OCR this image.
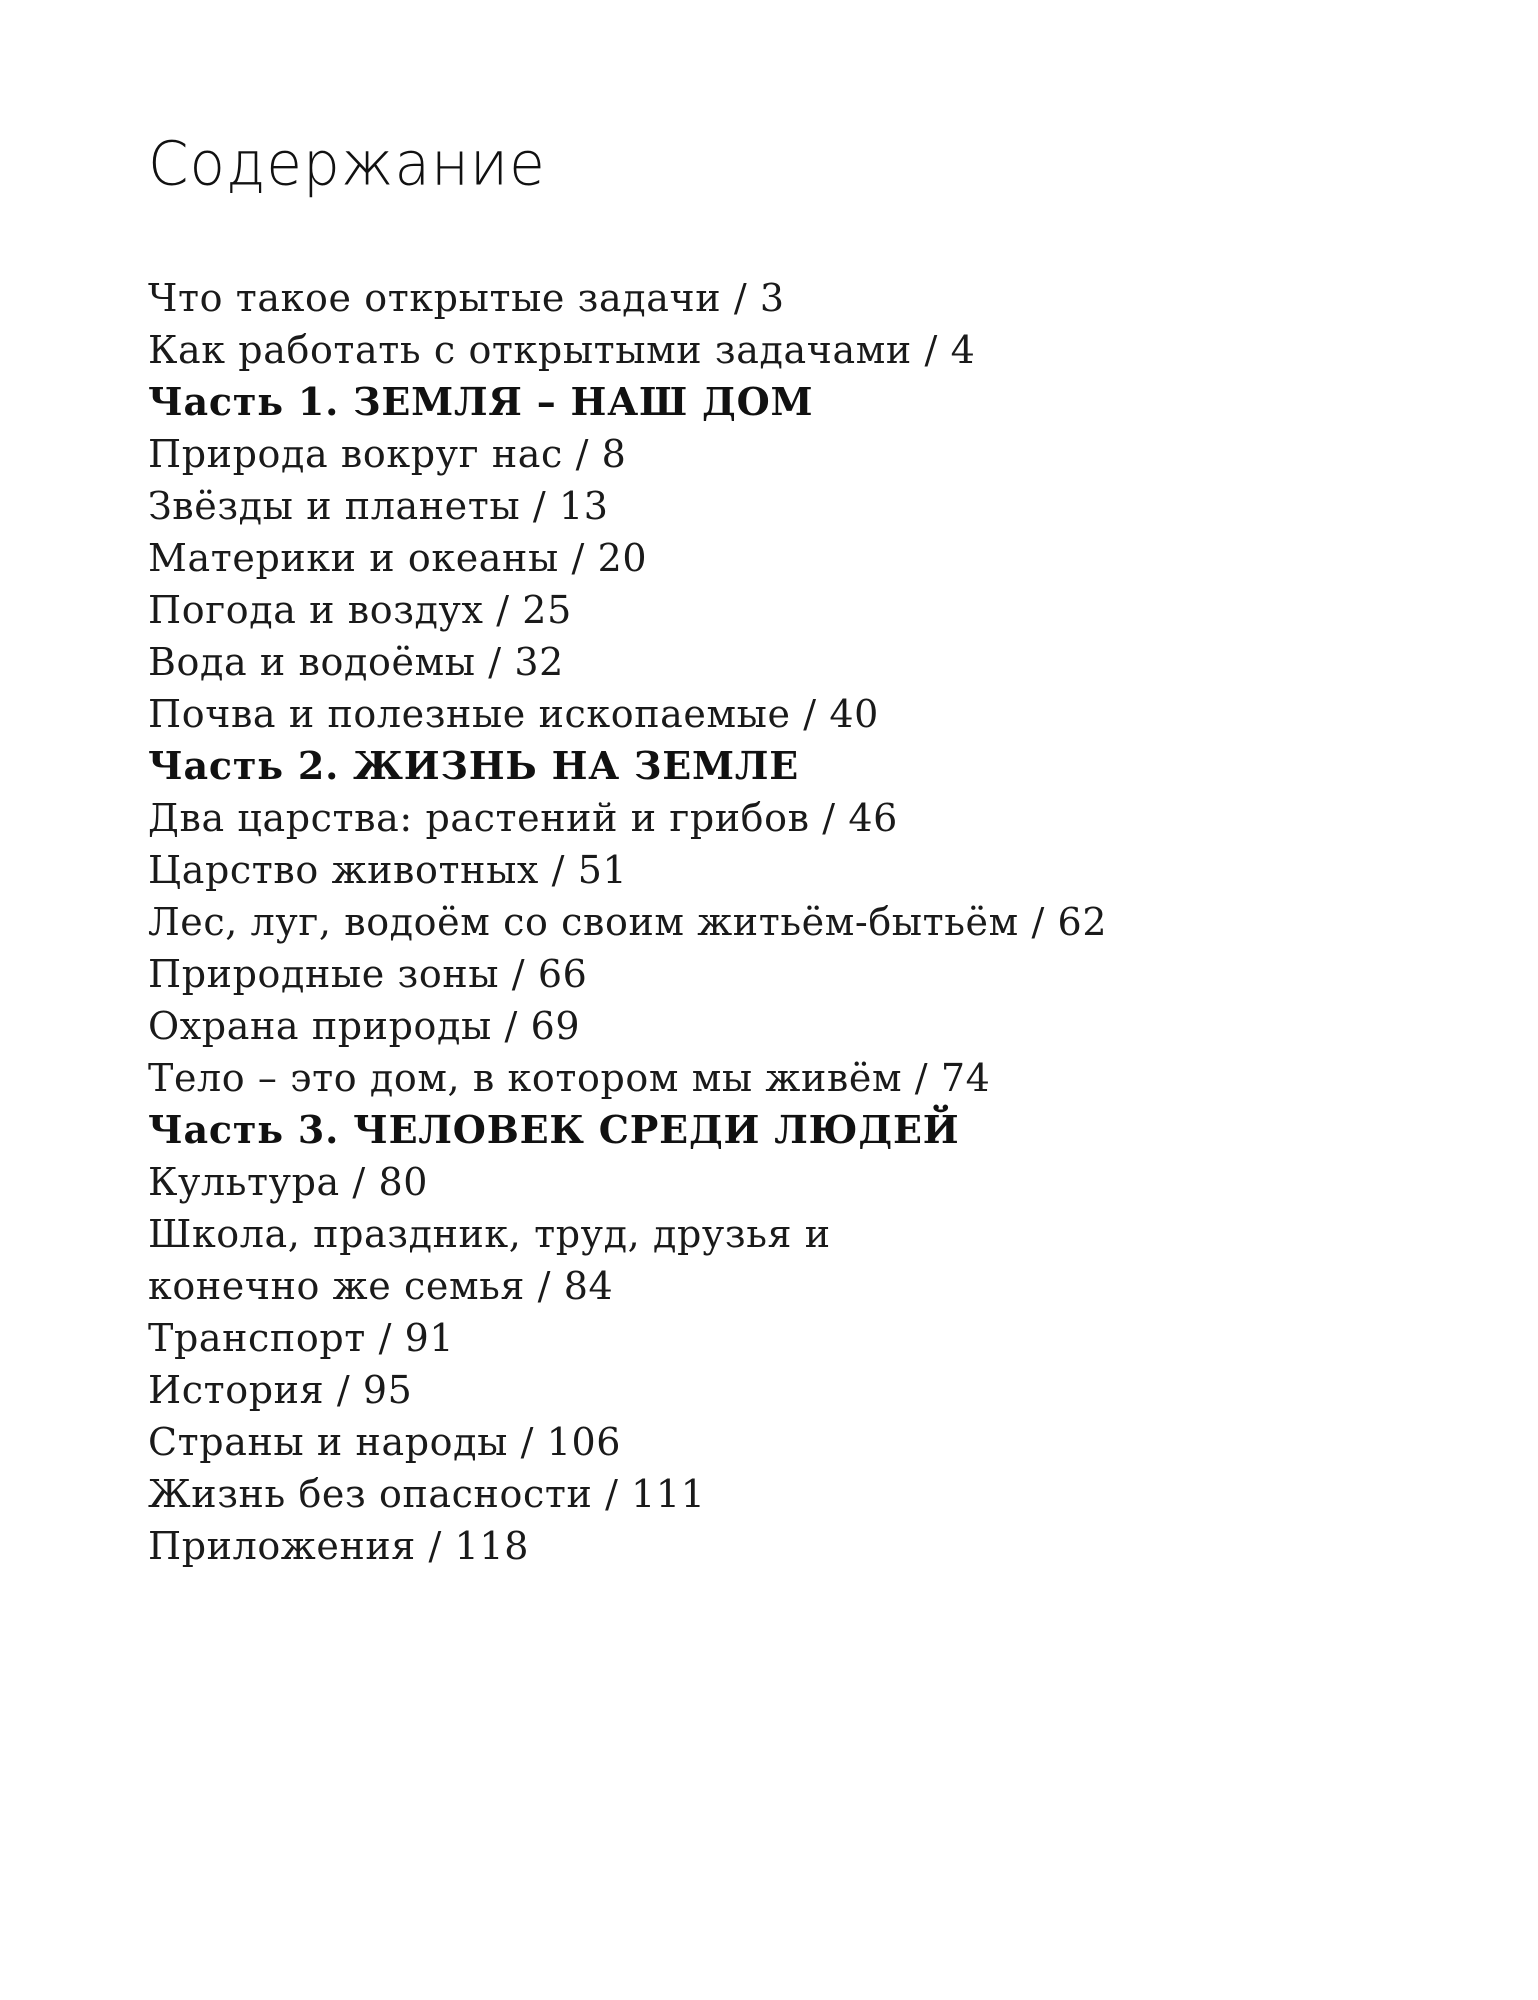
Содержание
Что такое открытые задачи / 3
Как работать с открытыми задачами / 4
Часть 1. ЗЕМЛЯ – НАШ ДОМ
Природа вокруг нас / 8
Звёзды и планеты / 13
Материки и океаны / 20
Погода и воздух / 25
Вода и водоёмы / 32
Почва и полезные ископаемые / 40
Часть 2. ЖИЗНЬ НА ЗЕМЛЕ
Два царства: растений и грибов / 46
Царство животных / 51
Лес, луг, водоём со своим житьём-бытьём / 62
Природные зоны / 66
Охрана природы / 69
Тело – это дом, в котором мы живём / 74
Часть 3. ЧЕЛОВЕК СРЕДИ ЛЮДЕЙ
Культура / 80
Школа, праздник, труд, друзья и
конечно же семья / 84
Транспорт / 91
История / 95
Страны и народы / 106
Жизнь без опасности / 111
Приложения / 118
